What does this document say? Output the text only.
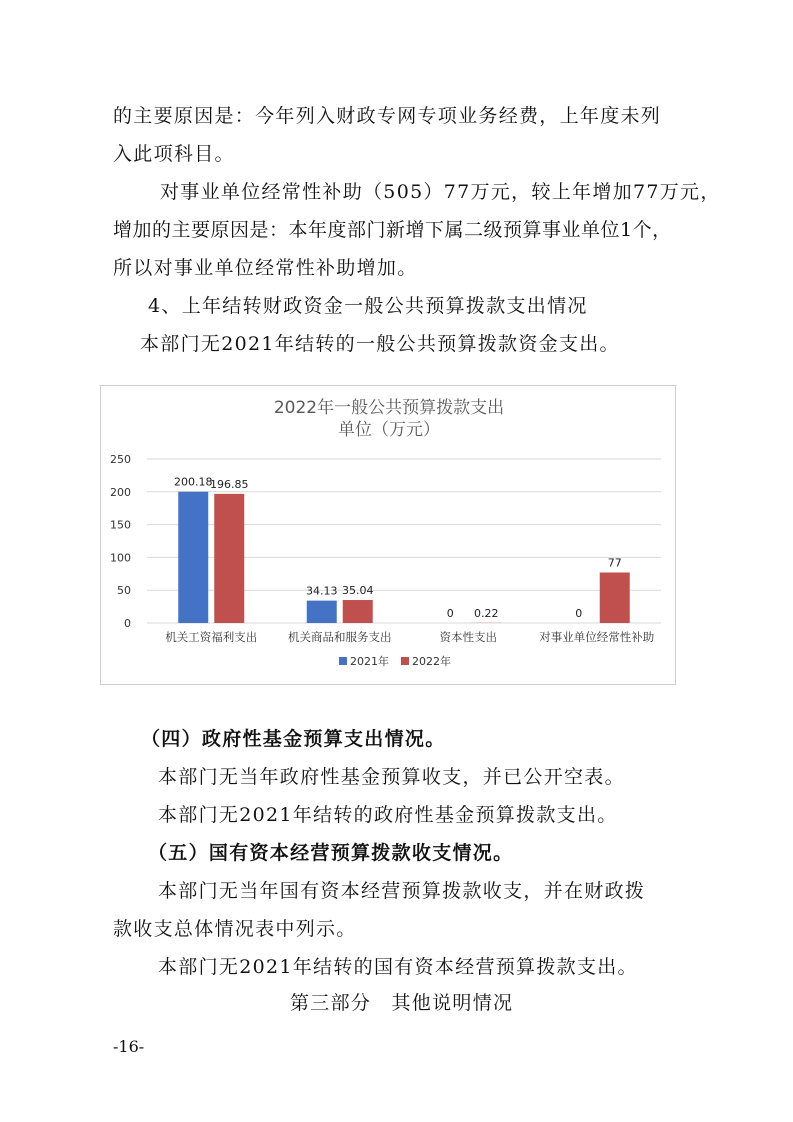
的主要原因是：今年列入财政专网专项业务经费，上年度未列
入此项科目。
对事业单位经常性补助（505）77万元，较上年增加77万元，
增加的主要原因是：本年度部门新增下属二级预算事业单位1个，
所以对事业单位经常性补助增加。
4、上年结转财政资金一般公共预算拨款支出情况
本部门无2021年结转的一般公共预算拨款资金支出。
2022年一般公共预算拨款支出
单位（万元）
200.18
196.85
34.13 35.04
0 0.22	0
77
0
50
100
150
200
250
机关工资福利支出	机关商品和服务支出	资本性支出	对事业单位经常性补助
2021年 2022年
（四）政府性基金预算支出情况。
本部门无当年政府性基金预算收支，并已公开空表。
本部门无2021年结转的政府性基金预算拨款支出。
（五）国有资本经营预算拨款收支情况。
本部门无当年国有资本经营预算拨款收支，并在财政拨
款收支总体情况表中列示。
本部门无2021年结转的国有资本经营预算拨款支出。
第三部分　其他说明情况
-16-
